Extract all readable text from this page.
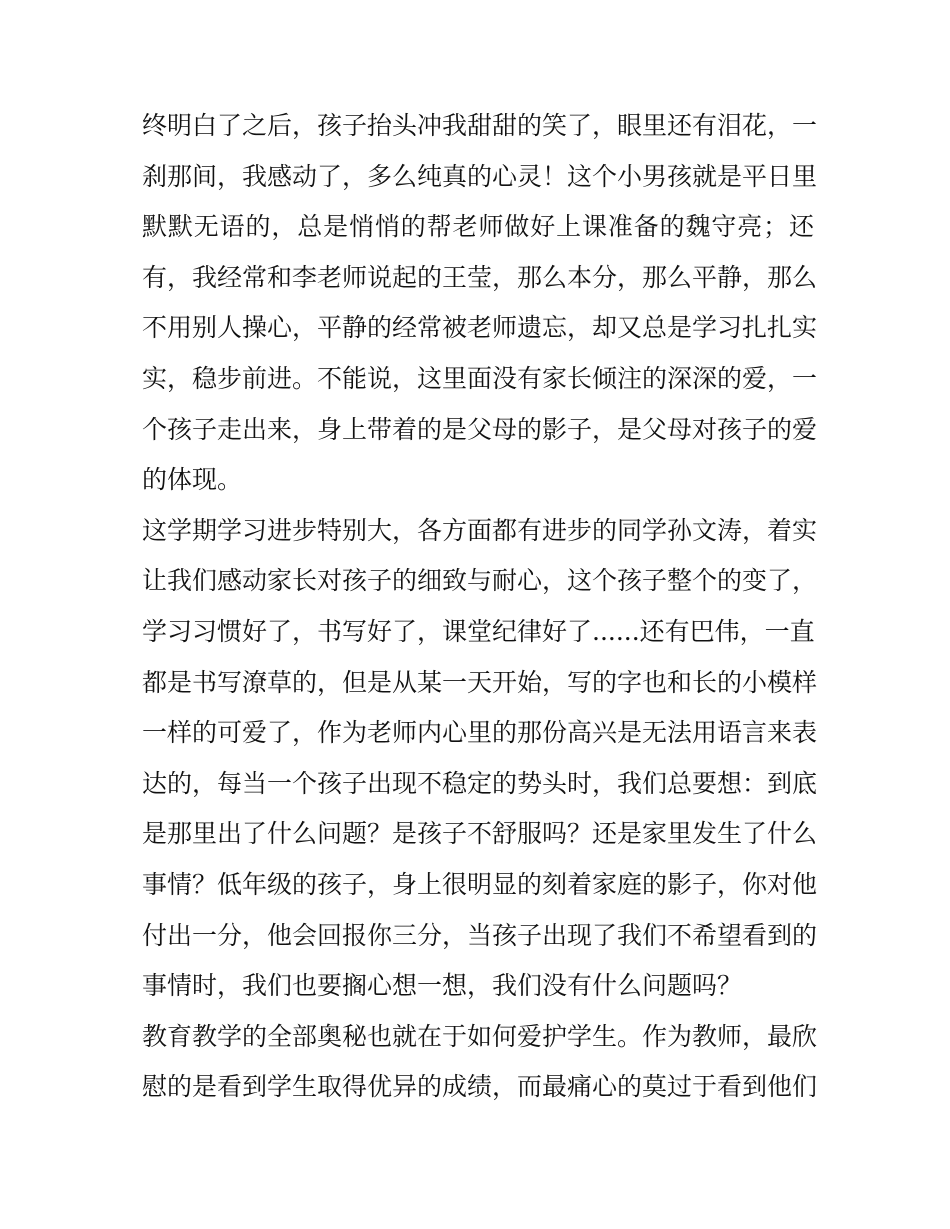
终明白了之后，孩子抬头冲我甜甜的笑了，眼里还有泪花，一
刹那间，我感动了，多么纯真的心灵！这个小男孩就是平日里
默默无语的，总是悄悄的帮老师做好上课准备的魏守亮；还
有，我经常和李老师说起的王莹，那么本分，那么平静，那么
不用别人操心，平静的经常被老师遗忘，却又总是学习扎扎实
实，稳步前进。不能说，这里面没有家长倾注的深深的爱，一
个孩子走出来，身上带着的是父母的影子，是父母对孩子的爱
的体现。
这学期学习进步特别大，各方面都有进步的同学孙文涛，着实
让我们感动家长对孩子的细致与耐心，这个孩子整个的变了，
学习习惯好了，书写好了，课堂纪律好了......还有巴伟，一直
都是书写潦草的，但是从某一天开始，写的字也和长的小模样
一样的可爱了，作为老师内心里的那份高兴是无法用语言来表
达的，每当一个孩子出现不稳定的势头时，我们总要想：到底
是那里出了什么问题？是孩子不舒服吗？还是家里发生了什么
事情？低年级的孩子，身上很明显的刻着家庭的影子，你对他
付出一分，他会回报你三分，当孩子出现了我们不希望看到的
事情时，我们也要搁心想一想，我们没有什么问题吗？
教育教学的全部奥秘也就在于如何爱护学生。作为教师，最欣
慰的是看到学生取得优异的成绩，而最痛心的莫过于看到他们
